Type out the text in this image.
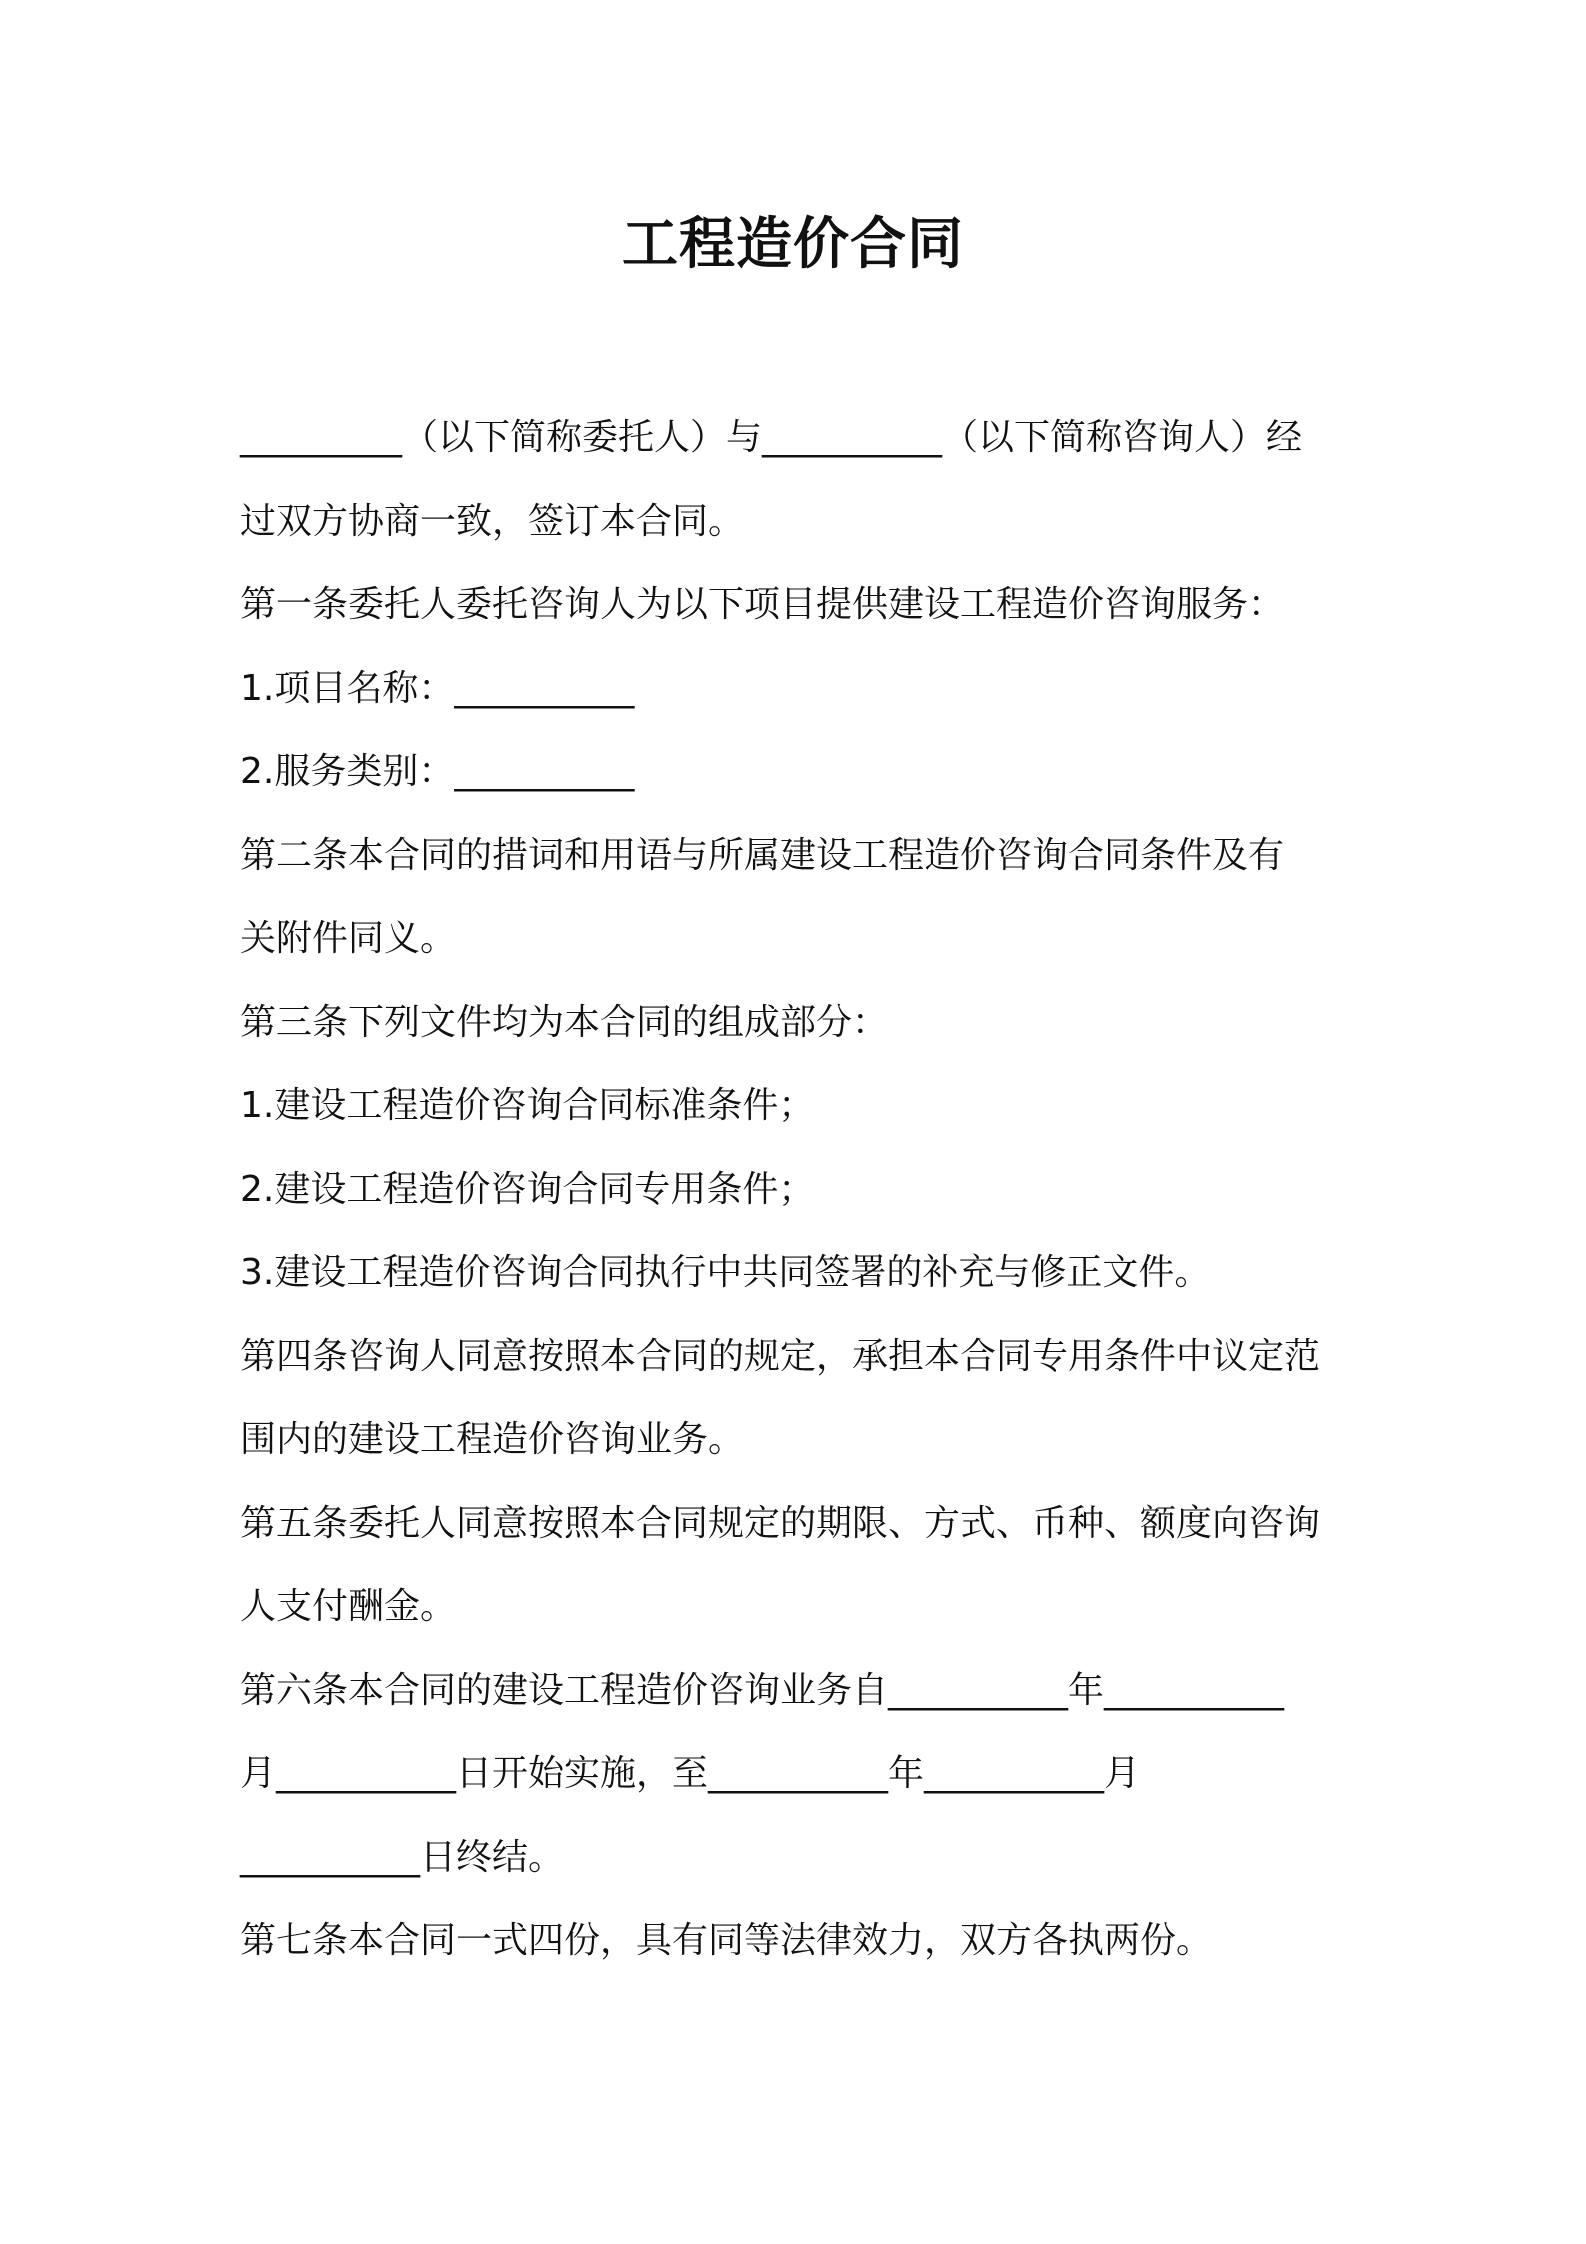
工程造价合同
_________（以下简称委托人）与__________（以下简称咨询人）经
过双方协商一致，签订本合同。
第一条委托人委托咨询人为以下项目提供建设工程造价咨询服务：
1.项目名称：__________
2.服务类别：__________
第二条本合同的措词和用语与所属建设工程造价咨询合同条件及有
关附件同义。
第三条下列文件均为本合同的组成部分：
1.建设工程造价咨询合同标准条件；
2.建设工程造价咨询合同专用条件；
3.建设工程造价咨询合同执行中共同签署的补充与修正文件。
第四条咨询人同意按照本合同的规定，承担本合同专用条件中议定范
围内的建设工程造价咨询业务。
第五条委托人同意按照本合同规定的期限、方式、币种、额度向咨询
人支付酬金。
第六条本合同的建设工程造价咨询业务自__________年__________
月__________日开始实施，至__________年__________月
__________日终结。
第七条本合同一式四份，具有同等法律效力，双方各执两份。
